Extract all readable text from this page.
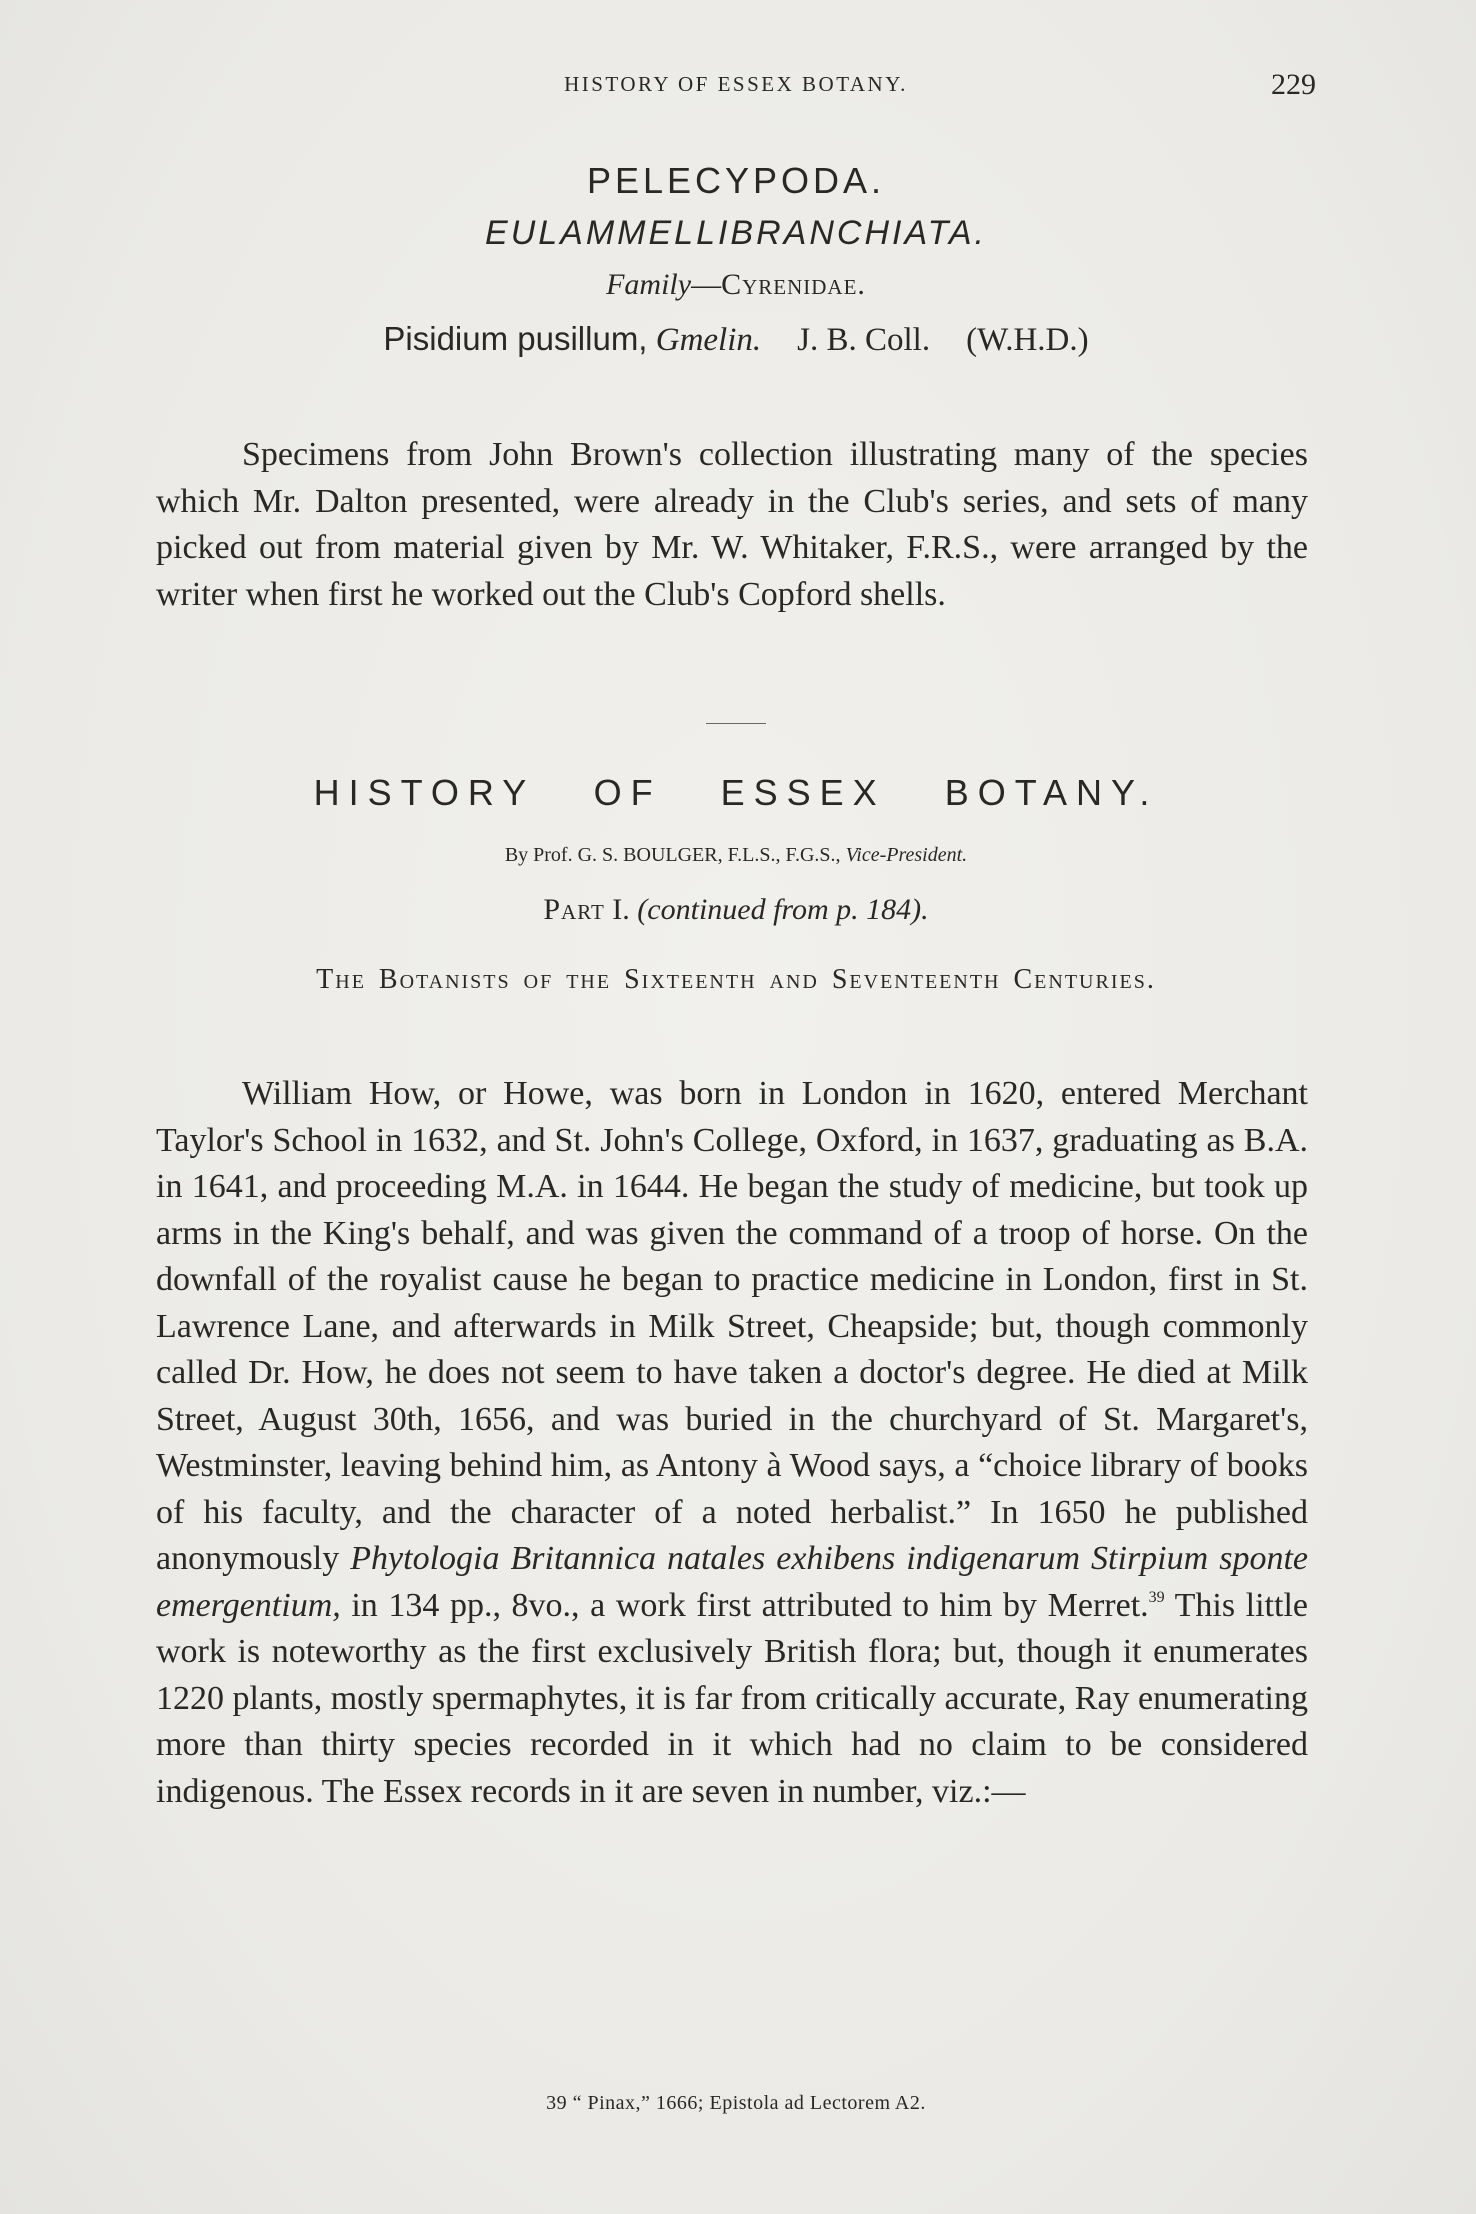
HISTORY OF ESSEX BOTANY.	229
PELECYPODA.
EULAMMELLIBRANCHIATA.
Family—Cyrenidae.
Pisidium pusillum, Gmelin. J. B. Coll. (W.H.D.)

Specimens from John Brown's collection illustrating many of the species which Mr. Dalton presented, were already in the Club's series, and sets of many picked out from material given by Mr. W. Whitaker, F.R.S., were arranged by the writer when first he worked out the Club's Copford shells.

HISTORY OF ESSEX BOTANY.
By Prof. G. S. BOULGER, F.L.S., F.G.S., Vice-President.
Part I. (continued from p. 184).
The Botanists of the Sixteenth and Seventeenth Centuries.

William How, or Howe, was born in London in 1620, entered Merchant Taylor's School in 1632, and St. John's College, Oxford, in 1637, graduating as B.A. in 1641, and proceeding M.A. in 1644. He began the study of medicine, but took up arms in the King's behalf, and was given the command of a troop of horse. On the downfall of the royalist cause he began to practice medicine in London, first in St. Lawrence Lane, and afterwards in Milk Street, Cheapside; but, though commonly called Dr. How, he does not seem to have taken a doctor's degree. He died at Milk Street, August 30th, 1656, and was buried in the churchyard of St. Margaret's, Westminster, leaving behind him, as Antony à Wood says, a “choice library of books of his faculty, and the character of a noted herbalist.” In 1650 he published anonymously Phytologia Britannica natales exhibens indigenarum Stirpium sponte emergentium, in 134 pp., 8vo., a work first attributed to him by Merret.$^{39}$ This little work is noteworthy as the first exclusively British flora; but, though it enumerates 1220 plants, mostly spermaphytes, it is far from critically accurate, Ray enumerating more than thirty species recorded in it which had no claim to be considered indigenous. The Essex records in it are seven in number, viz.:—

39 “ Pinax,” 1666; Epistola ad Lectorem A2.
